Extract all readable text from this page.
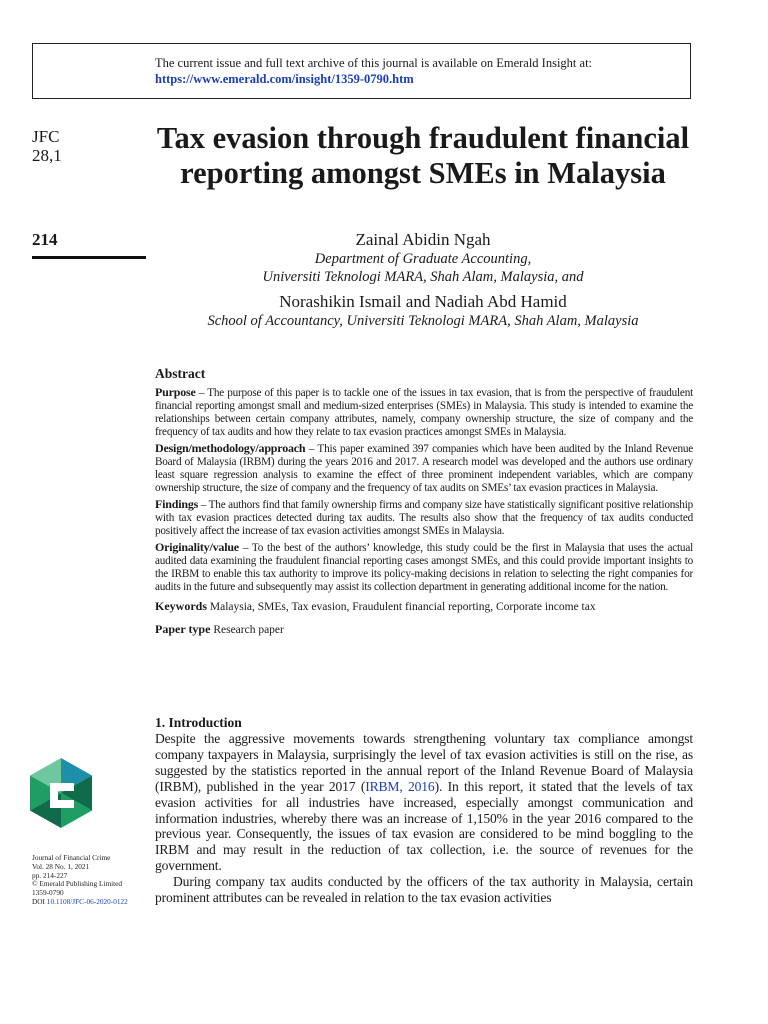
The current issue and full text archive of this journal is available on Emerald Insight at:
https://www.emerald.com/insight/1359-0790.htm
JFC
28,1
214
Tax evasion through fraudulent financial reporting amongst SMEs in Malaysia
Zainal Abidin Ngah
Department of Graduate Accounting,
Universiti Teknologi MARA, Shah Alam, Malaysia, and
Norashikin Ismail and Nadiah Abd Hamid
School of Accountancy, Universiti Teknologi MARA, Shah Alam, Malaysia
Abstract

Purpose – The purpose of this paper is to tackle one of the issues in tax evasion, that is from the perspective of fraudulent financial reporting amongst small and medium-sized enterprises (SMEs) in Malaysia. This study is intended to examine the relationships between certain company attributes, namely, company ownership structure, the size of company and the frequency of tax audits and how they relate to tax evasion practices amongst SMEs in Malaysia.

Design/methodology/approach – This paper examined 397 companies which have been audited by the Inland Revenue Board of Malaysia (IRBM) during the years 2016 and 2017. A research model was developed and the authors use ordinary least square regression analysis to examine the effect of three prominent independent variables, which are company ownership structure, the size of company and the frequency of tax audits on SMEs’ tax evasion practices in Malaysia.

Findings – The authors find that family ownership firms and company size have statistically significant positive relationship with tax evasion practices detected during tax audits. The results also show that the frequency of tax audits conducted positively affect the increase of tax evasion activities amongst SMEs in Malaysia.

Originality/value – To the best of the authors’ knowledge, this study could be the first in Malaysia that uses the actual audited data examining the fraudulent financial reporting cases amongst SMEs, and this could provide important insights to the IRBM to enable this tax authority to improve its policy-making decisions in relation to selecting the right companies for audits in the future and subsequently may assist its collection department in generating additional income for the nation.

Keywords Malaysia, SMEs, Tax evasion, Fraudulent financial reporting, Corporate income tax

Paper type Research paper

1. Introduction

Despite the aggressive movements towards strengthening voluntary tax compliance amongst company taxpayers in Malaysia, surprisingly the level of tax evasion activities is still on the rise, as suggested by the statistics reported in the annual report of the Inland Revenue Board of Malaysia (IRBM), published in the year 2017 (IRBM, 2016). In this report, it stated that the levels of tax evasion activities for all industries have increased, especially amongst communication and information industries, whereby there was an increase of 1,150% in the year 2016 compared to the previous year. Consequently, the issues of tax evasion are considered to be mind boggling to the IRBM and may result in the reduction of tax collection, i.e. the source of revenues for the government.

During company tax audits conducted by the officers of the tax authority in Malaysia, certain prominent attributes can be revealed in relation to the tax evasion activities

Journal of Financial Crime
Vol. 28 No. 1, 2021
pp. 214-227
© Emerald Publishing Limited
1359-0790
DOI 10.1108/JFC-06-2020-0122
